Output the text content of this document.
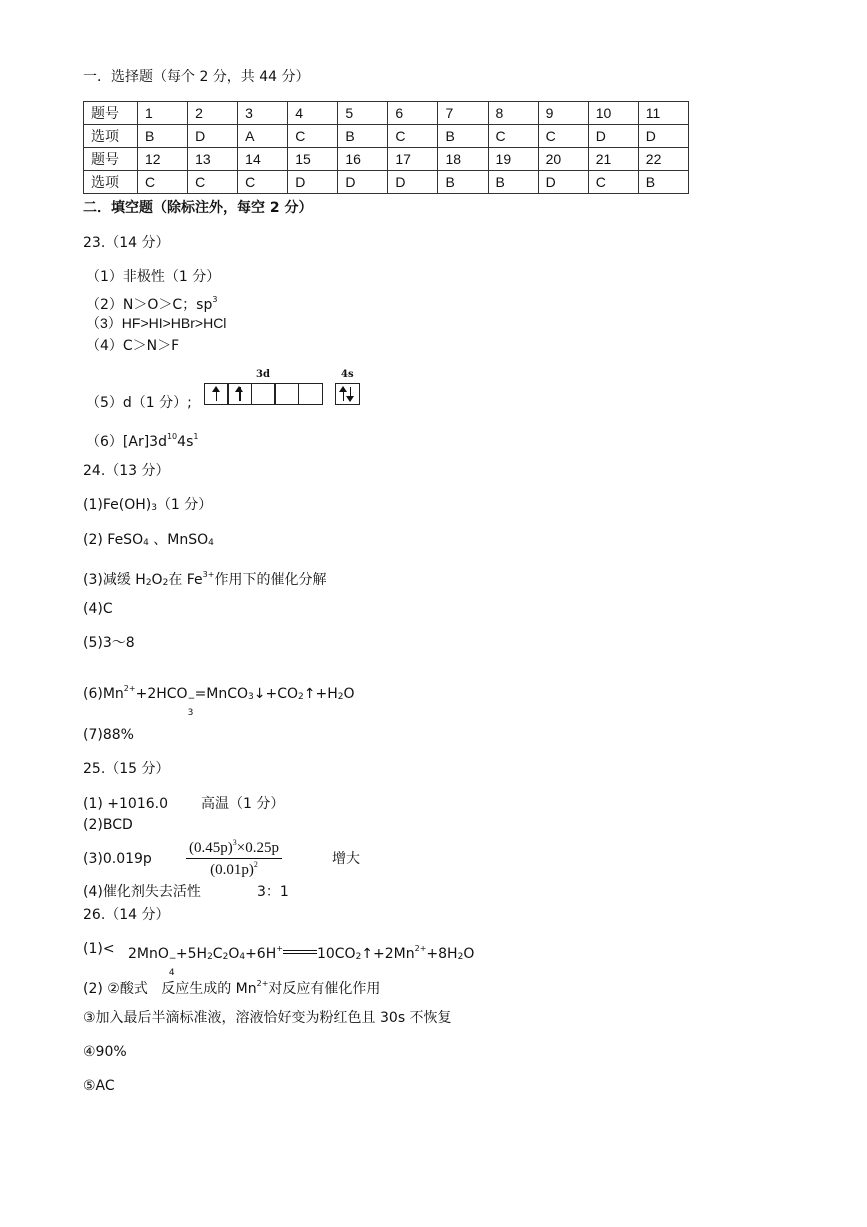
一．选择题（每个 2 分，共 44 分）
题号	1	2	3	4	5	6	7	8	9	10	11
选项	B	D	A	C	B	C	B	C	C	D	D
题号	12	13	14	15	16	17	18	19	20	21	22
选项	C	C	C	D	D	D	B	B	D	C	B
二．填空题（除标注外，每空 2 分）
23.（14 分）
（1）非极性（1 分）
（2）N＞O＞C；$sp^3$
（3）HF>HI>HBr>HCl
（4）C＞N＞F
3d	4s
（5）d（1 分）;
$(6)[Ar]3d^{10}4s^1$
24.（13 分）
$(1)Fe(OH)_3(1$ 分）
(2) FeSO$_4$ 、MnSO$_4$
(3)减缓 $H_2O_2$在 $Fe^{3+}$作用下的催化分解
(4)C
(5)3～8
$(6)Mn^{2+}+2HCO$ −
3
$=MnCO_3↓+CO_2↑+H_2O$
(7)88%
25.（15 分）
(1) +1016.0 高温（1 分）
(2)BCD
$(3)0.019p \frac{(0.45p)^3\times 0.25p}{(0.01p)^2}$	增大
(4)催化剂失去活性	3：1
26.（14 分）
(1)< 2MnO −
4
$+5H_2C_2O_4+6H^+$ $10CO_2↑+2Mn^{2+}+8H_2O$
(2) ②酸式 反应生成的 $Mn^{2+}$对反应有催化作用
③加入最后半滴标准液，溶液恰好变为粉红色且 30s 不恢复
④90%
⑤AC
